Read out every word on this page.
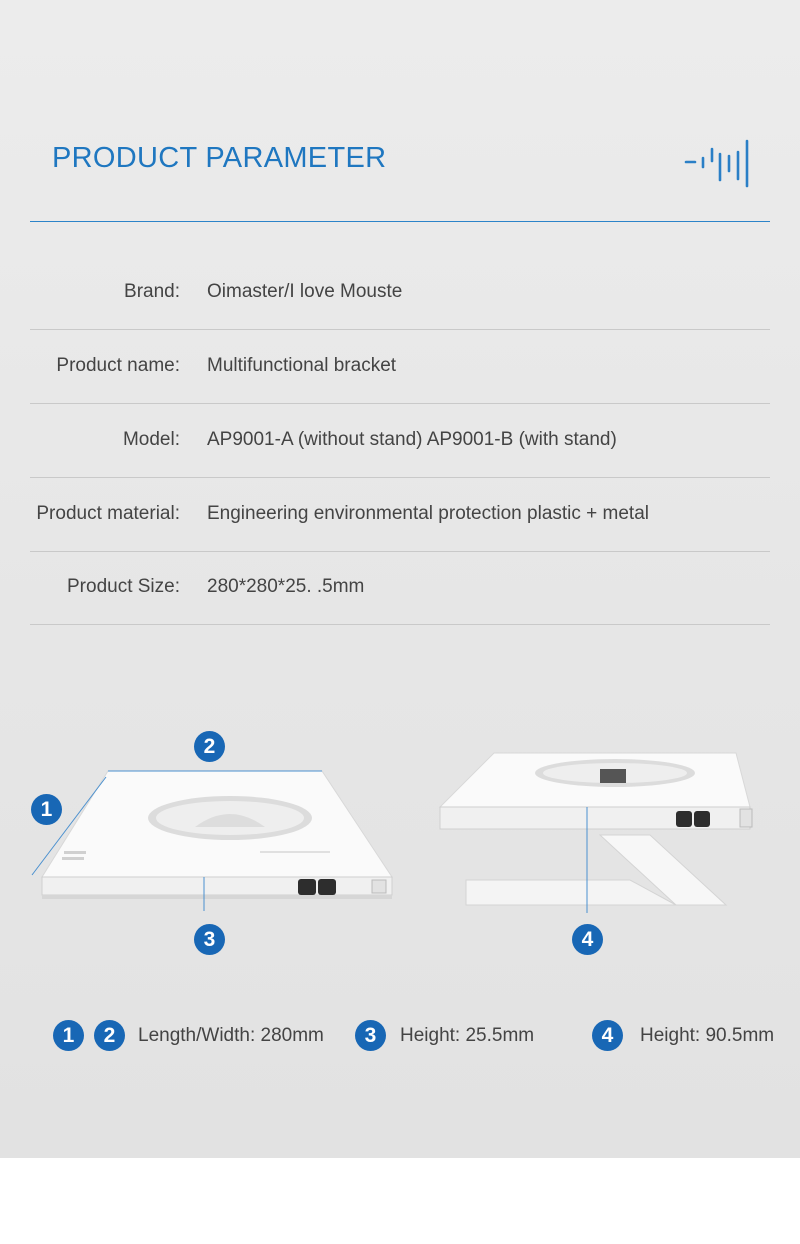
PRODUCT PARAMETER
Brand: Oimaster/I love Mouste
Product name: Multifunctional bracket
Model: AP9001-A (without stand) AP9001-B (with stand)
Product material: Engineering environmental protection plastic + metal
Product Size: 280*280*25. .5mm
1
2
3	4
1	2	Length/Width: 280mm	3	Height: 25.5mm	4	Height: 90.5mm
